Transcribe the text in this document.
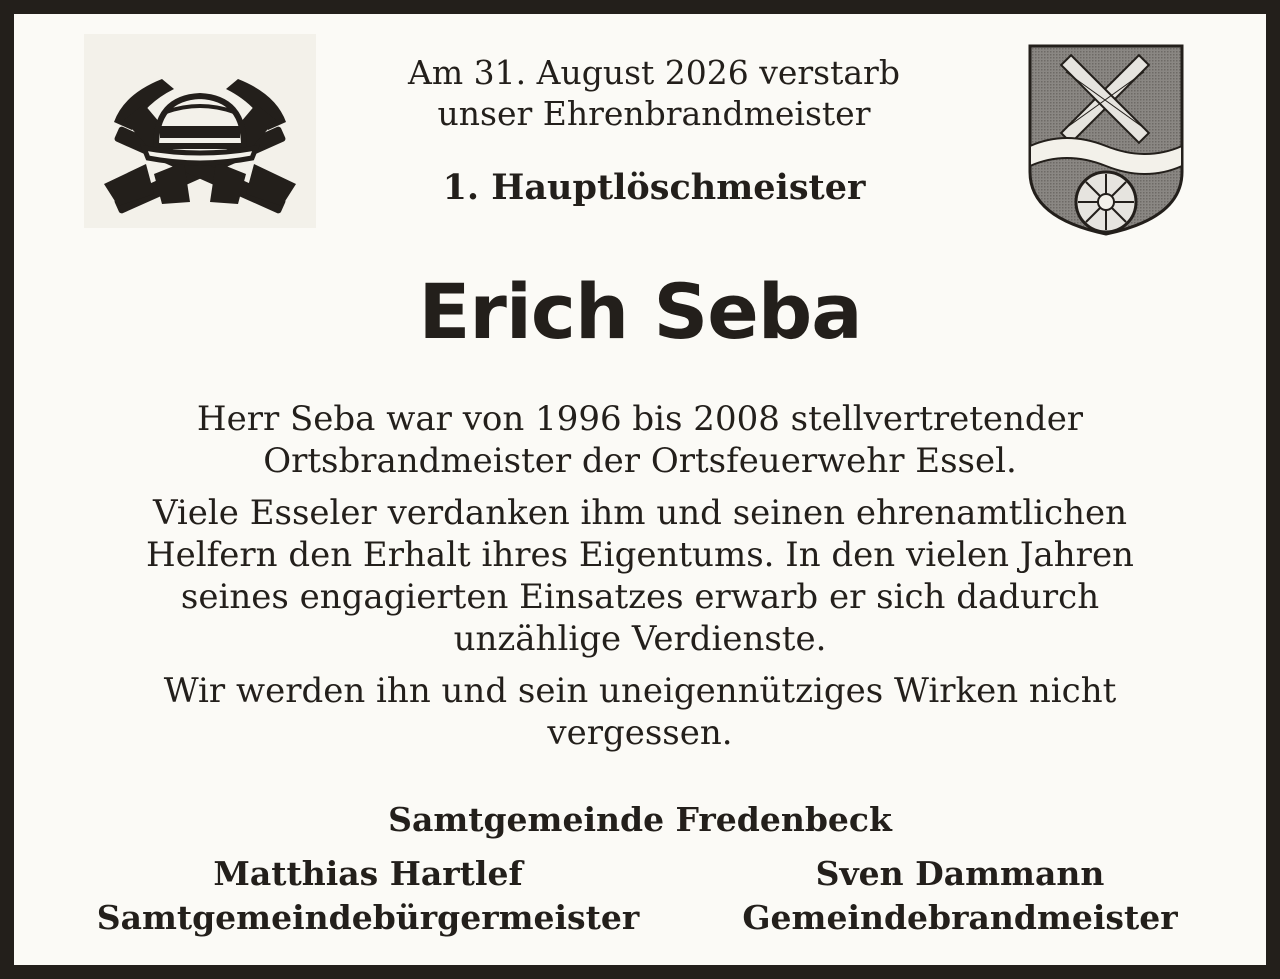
Am 31. August 2026 verstarb
unser Ehrenbrandmeister
1. Hauptlöschmeister
Erich Seba

Herr Seba war von 1996 bis 2008 stellvertretender
Ortsbrandmeister der Ortsfeuerwehr Essel.

Viele Esseler verdanken ihm und seinen ehrenamtlichen
Helfern den Erhalt ihres Eigentums. In den vielen Jahren
seines engagierten Einsatzes erwarb er sich dadurch
unzählige Verdienste.

Wir werden ihn und sein uneigennütziges Wirken nicht
vergessen.

Samtgemeinde Fredenbeck
Matthias Hartlef
Samtgemeindebürgermeister
Sven Dammann
Gemeindebrandmeister
